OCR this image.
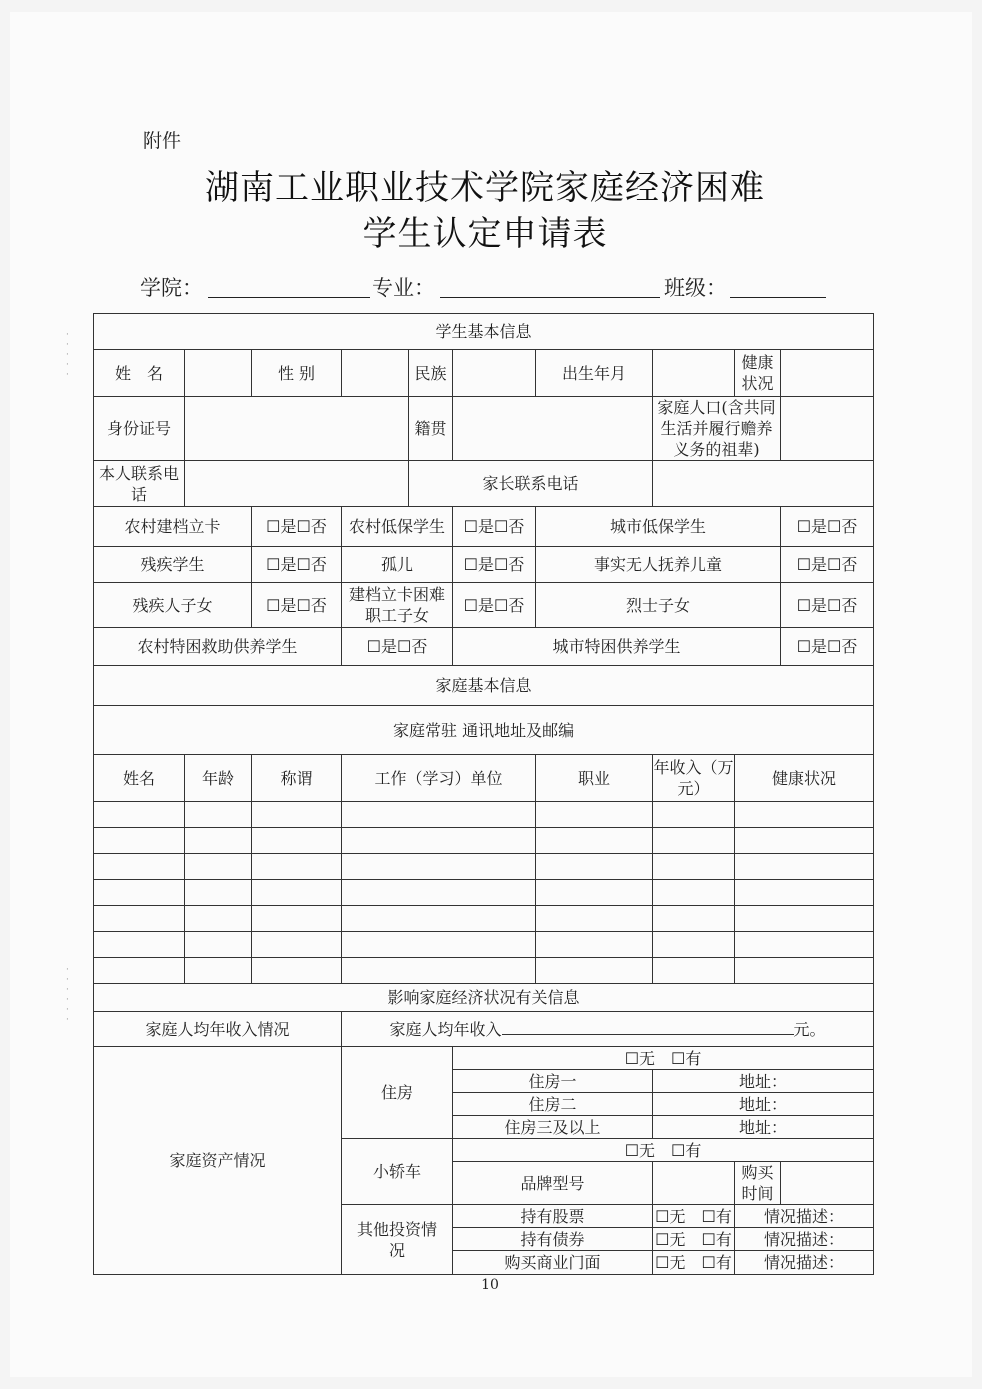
附件
湖南工业职业技术学院家庭经济困难
学生认定申请表
学院：	专业：	班级：
·
·
·
·
·
·
·
·
·
·
·
学生基本信息									
姓　名		性 别		民族		出生年月		健康状况	
身份证号				籍贯			家庭人口(含共同生活并履行赡养义务的祖辈)		
本人联系电　话				家长联系电话					
农村建档立卡		☐是☐否	农村低保学生		☐是☐否	城市低保学生			☐是☐否
残疾学生		☐是☐否	孤儿		☐是☐否	事实无人抚养儿童			☐是☐否
残疾人子女		☐是☐否	建档立卡困难职工子女		☐是☐否	烈士子女			☐是☐否
农村特困救助供养学生			☐是☐否		城市特困供养学生				☐是☐否
家庭基本信息									
家庭常驻 通讯地址及邮编									
姓名	年龄	称谓	工作（学习）单位			职业	年收入（万元）	健康状况	

影响家庭经济状况有关信息									
家庭人均年收入情况			家庭人均年收入 元。						
家庭资产情况			住房		☐无　☐有				
					住房一		地址：		
					住房二		地址：		
					住房三及以上		地址：		
			小轿车		☐无　☐有				
					品牌型号			购买时间	
			其他投资情　况		持有股票		☐无　☐有	情况描述：	
					持有债券		☐无　☐有	情况描述：	
					购买商业门面		☐无　☐有	情况描述：	
10
